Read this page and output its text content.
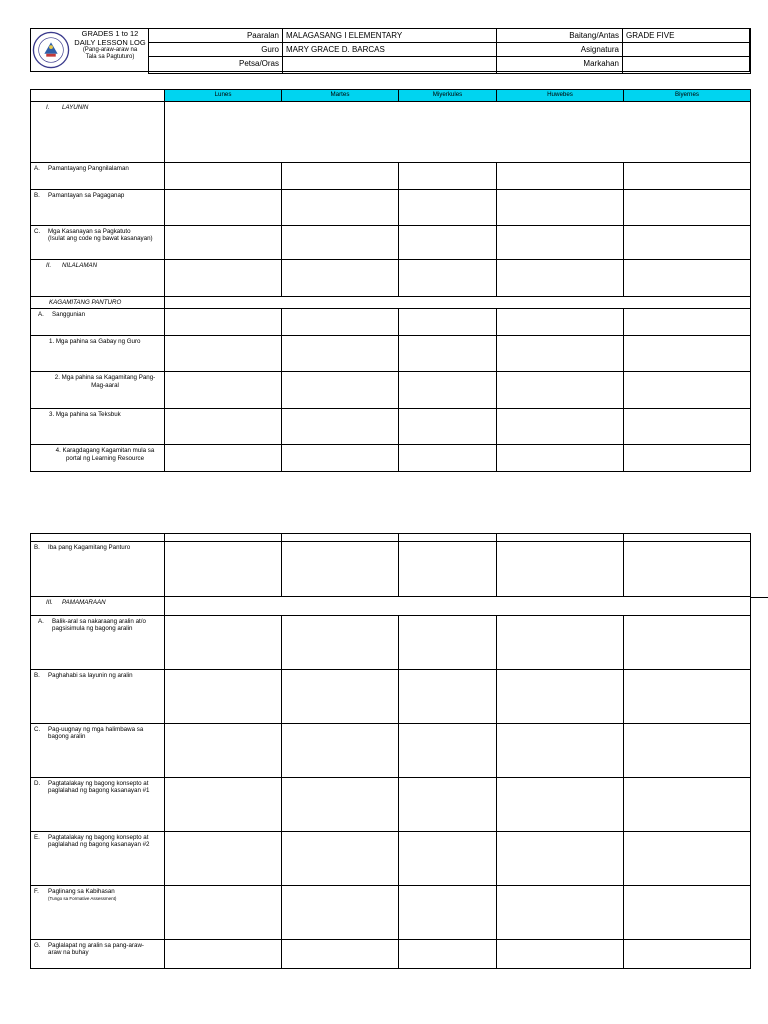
GRADES 1 to 12
DAILY LESSON LOG
(Pang-araw-araw na
Tala sa Pagtuturo)
Paaralan	MALAGASANG I ELEMENTARY	Baitang/Antas	GRADE FIVE
Guro	MARY GRACE D. BARCAS	Asignatura	
Petsa/Oras		Markahan	
	Lunes	Martes	Miyerkules	Huwebes	Biyernes
I. LAYUNIN					
A. Pamantayang Pangnilalaman					
B. Pamantayan sa Pagaganap					
C. Mga Kasanayan sa Pagkatuto
(Isulat ang code ng bawat kasanayan)					
II. NILALAMAN					
KAGAMITANG PANTURO					
A. Sanggunian					
1. Mga pahina sa Gabay ng Guro					
2. Mga pahina sa Kagamitang Pang-Mag-aaral					
3. Mga pahina sa Teksbuk					
4. Karagdagang Kagamitan mula sa portal ng Learning Resource					

B. Iba pang Kagamitang Panturo					
III. PAMAMARAAN					
A. Balik-aral sa nakaraang aralin at/o pagsisimula ng bagong aralin					
B. Paghahabi sa layunin ng aralin					
C. Pag-uugnay ng mga halimbawa sa bagong aralin					
D. Pagtatalakay ng bagong konsepto at paglalahad ng bagong kasanayan #1					
E. Pagtatalakay ng bagong konsepto at paglalahad ng bagong kasanayan #2					
F. Paglinang sa Kabihasan
(Tungo sa Formative Assessment)					
G. Paglalapat ng aralin sa pang-araw-araw na buhay					
